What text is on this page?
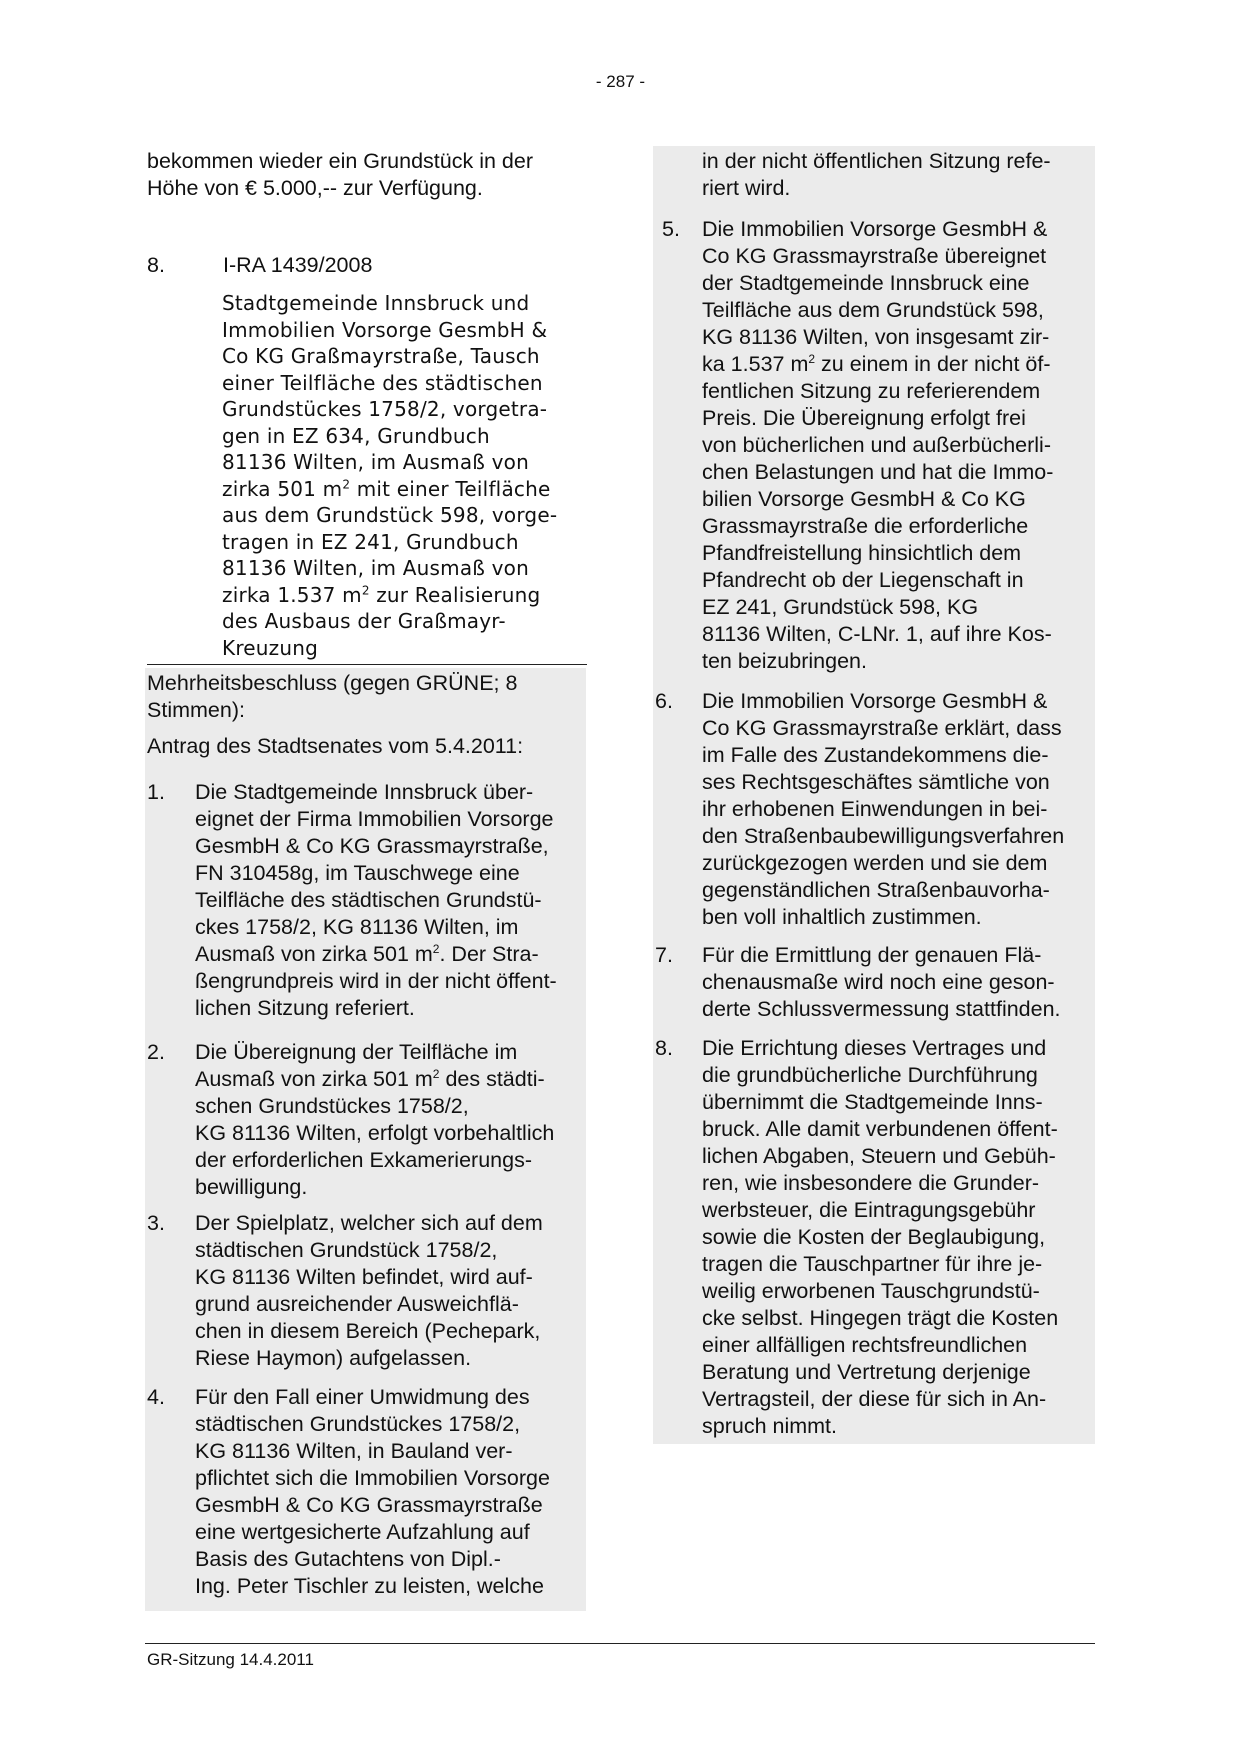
- 287 -
bekommen wieder ein Grundstück in der Höhe von € 5.000,-- zur Verfügung.
8.	I-RA 1439/2008
Stadtgemeinde Innsbruck und
Immobilien Vorsorge GesmbH &
Co KG Graßmayrstraße, Tausch
einer Teilfläche des städtischen
Grundstückes 1758/2, vorgetra-
gen in EZ 634, Grundbuch
81136 Wilten, im Ausmaß von
zirka 501 $m^2$ mit einer Teilfläche
aus dem Grundstück 598, vorge-
tragen in EZ 241, Grundbuch
81136 Wilten, im Ausmaß von
zirka 1.537 $m^2$ zur Realisierung
des Ausbaus der Graßmayr-
Kreuzung
Mehrheitsbeschluss (gegen GRÜNE; 8 Stimmen):
Antrag des Stadtsenates vom 5.4.2011:
GR-Sitzung 14.4.2011
1. Die Stadtgemeinde Innsbruck über-
eignet der Firma Immobilien Vorsorge
GesmbH & Co KG Grassmayrstraße,
FN 310458g, im Tauschwege eine
Teilfläche des städtischen Grundstü-
ckes 1758/2, KG 81136 Wilten, im
Ausmaß von zirka 501 $m^2$. Der Stra-
ßengrundpreis wird in der nicht öffent-
lichen Sitzung referiert.
2. Die Übereignung der Teilfläche im
Ausmaß von zirka 501 $m^2$ des städti-
schen Grundstückes 1758/2,
KG 81136 Wilten, erfolgt vorbehaltlich
der erforderlichen Exkamerierungs-
bewilligung.
3. Der Spielplatz, welcher sich auf dem
städtischen Grundstück 1758/2,
KG 81136 Wilten befindet, wird auf-
grund ausreichender Ausweichflä-
chen in diesem Bereich (Pechepark,
Riese Haymon) aufgelassen.
4. Für den Fall einer Umwidmung des
städtischen Grundstückes 1758/2,
KG 81136 Wilten, in Bauland ver-
pflichtet sich die Immobilien Vorsorge
GesmbH & Co KG Grassmayrstraße
eine wertgesicherte Aufzahlung auf
Basis des Gutachtens von Dipl.-
Ing. Peter Tischler zu leisten, welche
in der nicht öffentlichen Sitzung refe-
riert wird.
5. Die Immobilien Vorsorge GesmbH &
Co KG Grassmayrstraße übereignet
der Stadtgemeinde Innsbruck eine
Teilfläche aus dem Grundstück 598,
KG 81136 Wilten, von insgesamt zir-
ka 1.537 $m^2$ zu einem in der nicht öf-
fentlichen Sitzung zu referierendem
Preis. Die Übereignung erfolgt frei
von bücherlichen und außerbücherli-
chen Belastungen und hat die Immo-
bilien Vorsorge GesmbH & Co KG
Grassmayrstraße die erforderliche
Pfandfreistellung hinsichtlich dem
Pfandrecht ob der Liegenschaft in
EZ 241, Grundstück 598, KG
81136 Wilten, C-LNr. 1, auf ihre Kos-
ten beizubringen.
6. Die Immobilien Vorsorge GesmbH &
Co KG Grassmayrstraße erklärt, dass
im Falle des Zustandekommens die-
ses Rechtsgeschäftes sämtliche von
ihr erhobenen Einwendungen in bei-
den Straßenbaubewilligungsverfahren
zurückgezogen werden und sie dem
gegenständlichen Straßenbauvorha-
ben voll inhaltlich zustimmen.
7. Für die Ermittlung der genauen Flä-
chenausmaße wird noch eine geson-
derte Schlussvermessung stattfinden.
8. Die Errichtung dieses Vertrages und
die grundbücherliche Durchführung
übernimmt die Stadtgemeinde Inns-
bruck. Alle damit verbundenen öffent-
lichen Abgaben, Steuern und Gebüh-
ren, wie insbesondere die Grunder-
werbsteuer, die Eintragungsgebühr
sowie die Kosten der Beglaubigung,
tragen die Tauschpartner für ihre je-
weilig erworbenen Tauschgrundstü-
cke selbst. Hingegen trägt die Kosten
einer allfälligen rechtsfreundlichen
Beratung und Vertretung derjenige
Vertragsteil, der diese für sich in An-
spruch nimmt.
